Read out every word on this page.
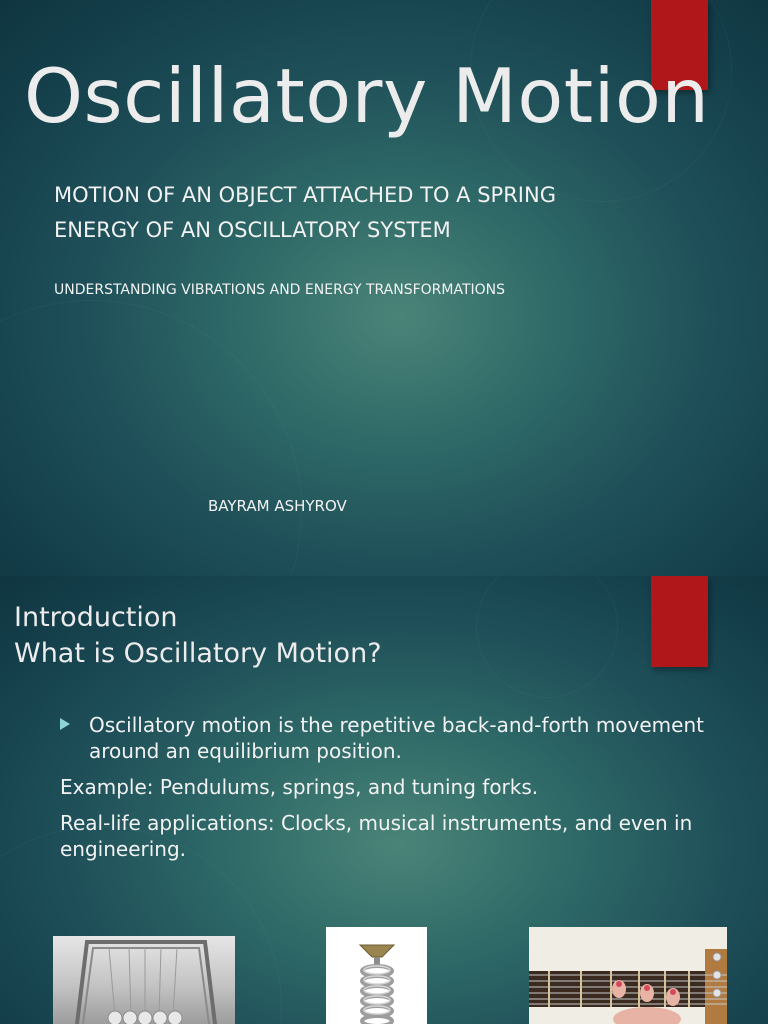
Oscillatory Motion
MOTION OF AN OBJECT ATTACHED TO A SPRING
ENERGY OF AN OSCILLATORY SYSTEM
UNDERSTANDING VIBRATIONS AND ENERGY TRANSFORMATIONS
BAYRAM ASHYROV
Introduction
What is Oscillatory Motion?
Oscillatory motion is the repetitive back-and-forth movement around an equilibrium position.
Example: Pendulums, springs, and tuning forks.
Real-life applications: Clocks, musical instruments, and even in engineering.
